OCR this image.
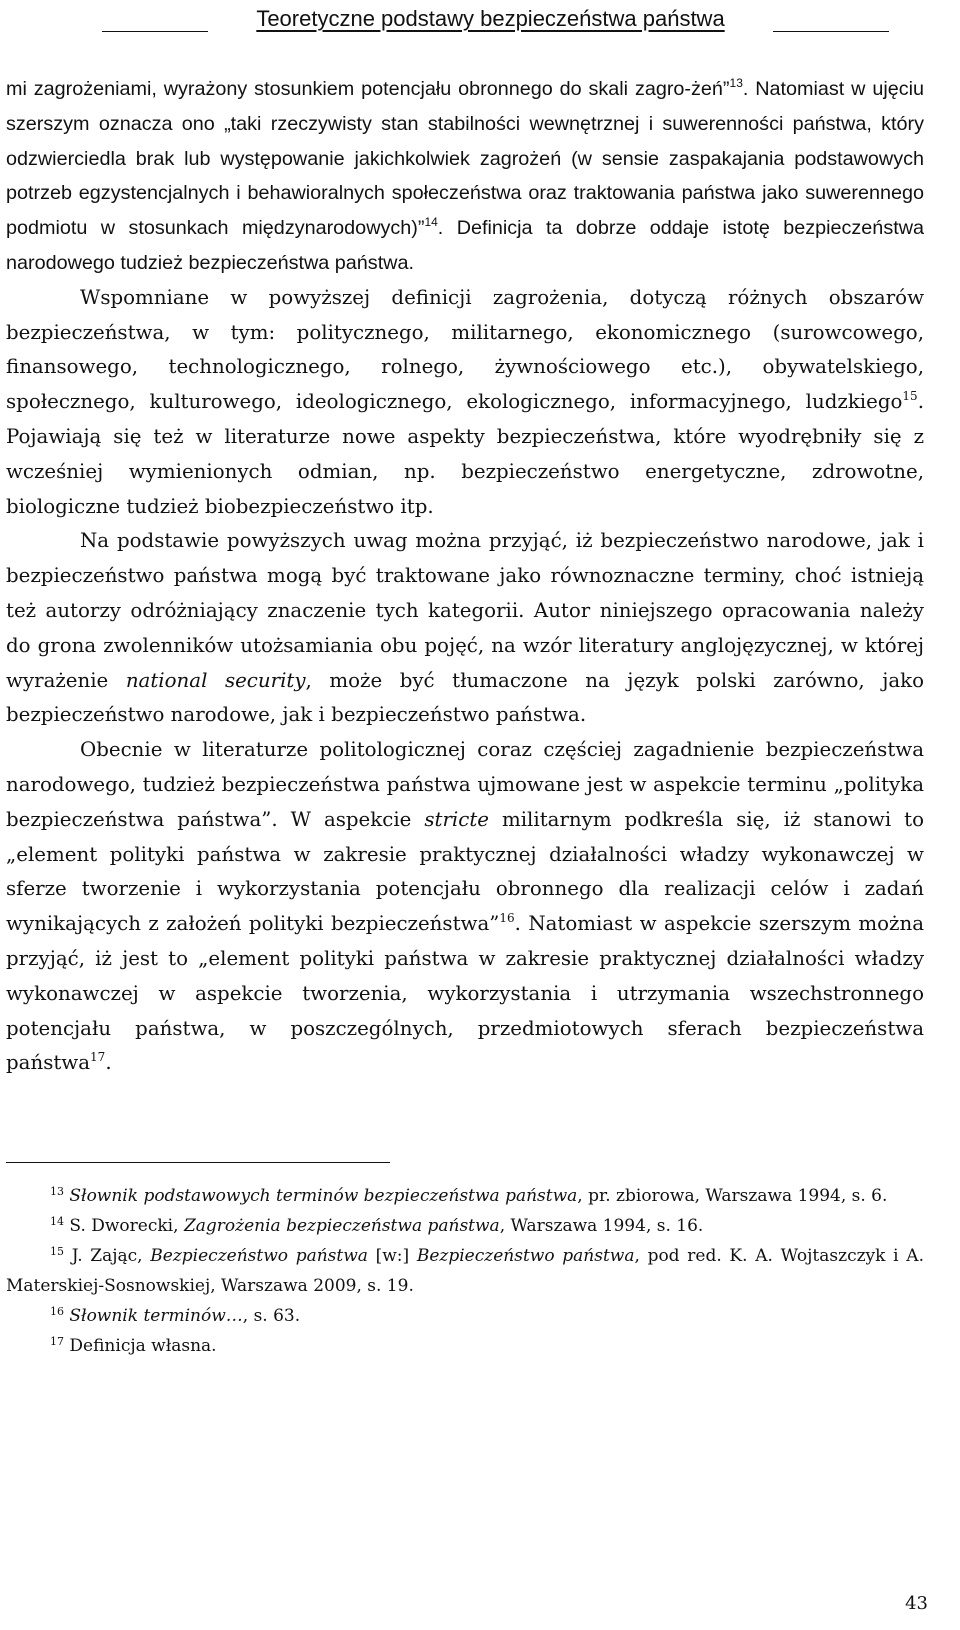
Teoretyczne podstawy bezpieczeństwa państwa

mi zagrożeniami, wyrażony stosunkiem potencjału obronnego do skali zagro-żeń”$^{13}$. Natomiast w ujęciu szerszym oznacza ono „taki rzeczywisty stan stabilności wewnętrznej i suwerenności państwa, który odzwierciedla brak lub występowanie jakichkolwiek zagrożeń (w sensie zaspakajania podstawowych potrzeb egzystencjalnych i behawioralnych społeczeństwa oraz traktowania państwa jako suwerennego podmiotu w stosunkach międzynarodowych)”$^{14}$. Definicja ta dobrze oddaje istotę bezpieczeństwa narodowego tudzież bezpieczeństwa państwa.

Wspomniane w powyższej definicji zagrożenia, dotyczą różnych obszarów bezpieczeństwa, w tym: politycznego, militarnego, ekonomicznego (surowcowego, finansowego, technologicznego, rolnego, żywnościowego etc.), obywatelskiego, społecznego, kulturowego, ideologicznego, ekologicznego, informacyjnego, ludzkiego$^{15}$. Pojawiają się też w literaturze nowe aspekty bezpieczeństwa, które wyodrębniły się z wcześniej wymienionych odmian, np. bezpieczeństwo energetyczne, zdrowotne, biologiczne tudzież biobezpieczeństwo itp.

Na podstawie powyższych uwag można przyjąć, iż bezpieczeństwo narodowe, jak i bezpieczeństwo państwa mogą być traktowane jako równoznaczne terminy, choć istnieją też autorzy odróżniający znaczenie tych kategorii. Autor niniejszego opracowania należy do grona zwolenników utożsamiania obu pojęć, na wzór literatury anglojęzycznej, w której wyrażenie national security, może być tłumaczone na język polski zarówno, jako bezpieczeństwo narodowe, jak i bezpieczeństwo państwa.

Obecnie w literaturze politologicznej coraz częściej zagadnienie bezpieczeństwa narodowego, tudzież bezpieczeństwa państwa ujmowane jest w aspekcie terminu „polityka bezpieczeństwa państwa”. W aspekcie stricte militarnym podkreśla się, iż stanowi to „element polityki państwa w zakresie praktycznej działalności władzy wykonawczej w sferze tworzenie i wykorzystania potencjału obronnego dla realizacji celów i zadań wynikających z założeń polityki bezpieczeństwa”$^{16}$. Natomiast w aspekcie szerszym można przyjąć, iż jest to „element polityki państwa w zakresie praktycznej działalności władzy wykonawczej w aspekcie tworzenia, wykorzystania i utrzymania wszechstronnego potencjału państwa, w poszczególnych, przedmiotowych sferach bezpieczeństwa państwa$^{17}$.

$^{13}$ Słownik podstawowych terminów bezpieczeństwa państwa, pr. zbiorowa, Warszawa 1994, s. 6.

$^{14}$ S. Dworecki, Zagrożenia bezpieczeństwa państwa, Warszawa 1994, s. 16.

$^{15}$ J. Zając, Bezpieczeństwo państwa [w:] Bezpieczeństwo państwa, pod red. K. A. Wojtaszczyk i A. Materskiej-Sosnowskiej, Warszawa 2009, s. 19.

$^{16}$ Słownik terminów…, s. 63.

$^{17}$ Definicja własna.

43
